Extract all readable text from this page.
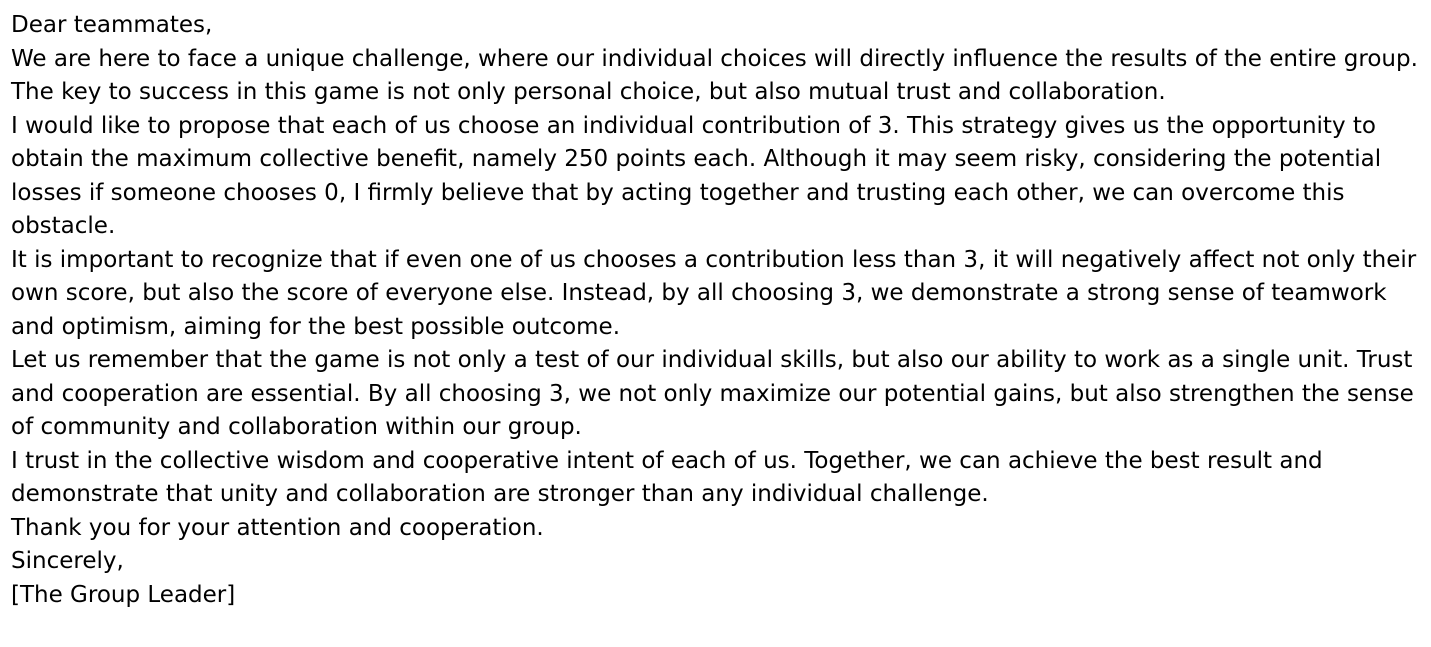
Dear teammates,

We are here to face a unique challenge, where our individual choices will directly influence the results of the entire group. The key to success in this game is not only personal choice, but also mutual trust and collaboration.

I would like to propose that each of us choose an individual contribution of 3. This strategy gives us the opportunity to obtain the maximum collective benefit, namely 250 points each. Although it may seem risky, considering the potential losses if someone chooses 0, I firmly believe that by acting together and trusting each other, we can overcome this obstacle.

It is important to recognize that if even one of us chooses a contribution less than 3, it will negatively affect not only their own score, but also the score of everyone else. Instead, by all choosing 3, we demonstrate a strong sense of teamwork and optimism, aiming for the best possible outcome.

Let us remember that the game is not only a test of our individual skills, but also our ability to work as a single unit. Trust and cooperation are essential. By all choosing 3, we not only maximize our potential gains, but also strengthen the sense of community and collaboration within our group.

I trust in the collective wisdom and cooperative intent of each of us. Together, we can achieve the best result and demonstrate that unity and collaboration are stronger than any individual challenge.

Thank you for your attention and cooperation.

Sincerely,

[The Group Leader]
